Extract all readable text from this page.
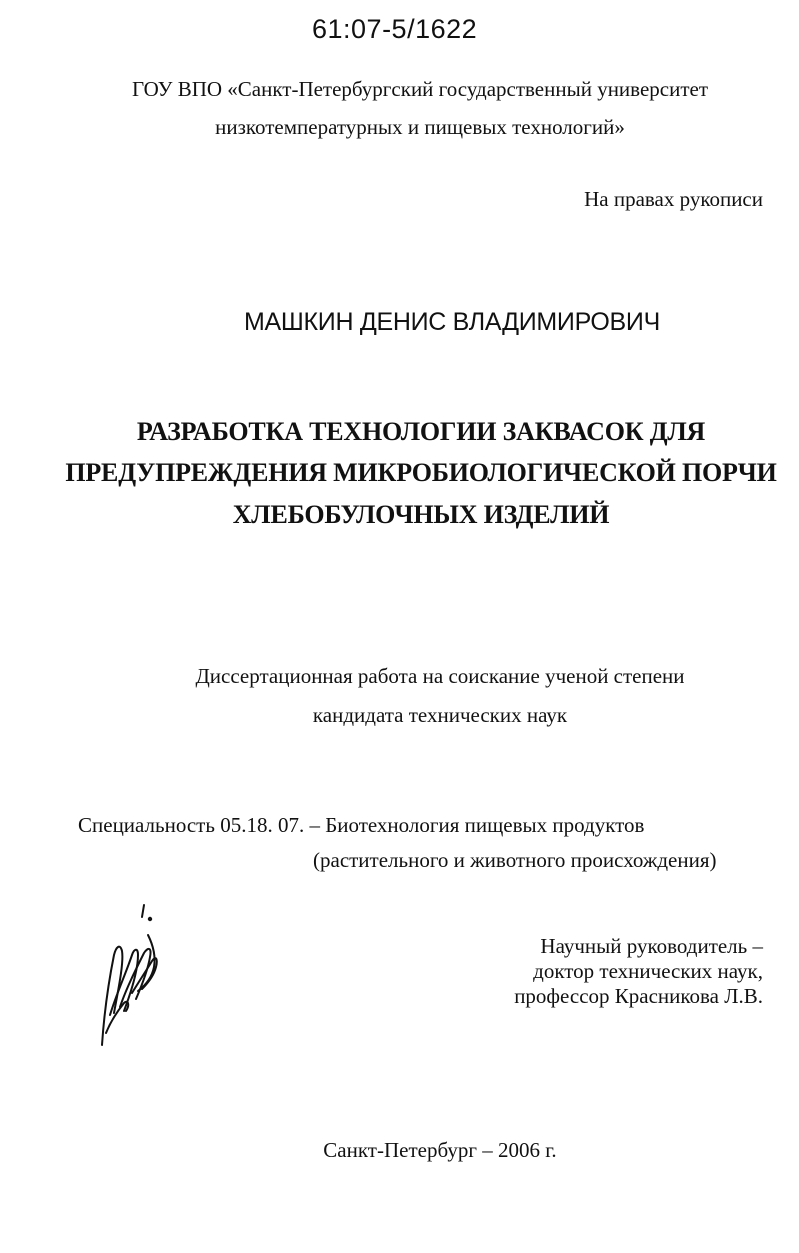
61:07-5/1622
ГОУ ВПО «Санкт-Петербургский государственный университет
низкотемпературных и пищевых технологий»
На правах рукописи
МАШКИН ДЕНИС ВЛАДИМИРОВИЧ
РАЗРАБОТКА ТЕХНОЛОГИИ ЗАКВАСОК ДЛЯ
ПРЕДУПРЕЖДЕНИЯ МИКРОБИОЛОГИЧЕСКОЙ ПОРЧИ
ХЛЕБОБУЛОЧНЫХ ИЗДЕЛИЙ
Диссертационная работа на соискание ученой степени
кандидата технических наук
Специальность 05.18. 07. – Биотехнология пищевых продуктов
(растительного и животного происхождения)
Научный руководитель –
доктор технических наук,
профессор Красникова Л.В.
Санкт-Петербург – 2006 г.
